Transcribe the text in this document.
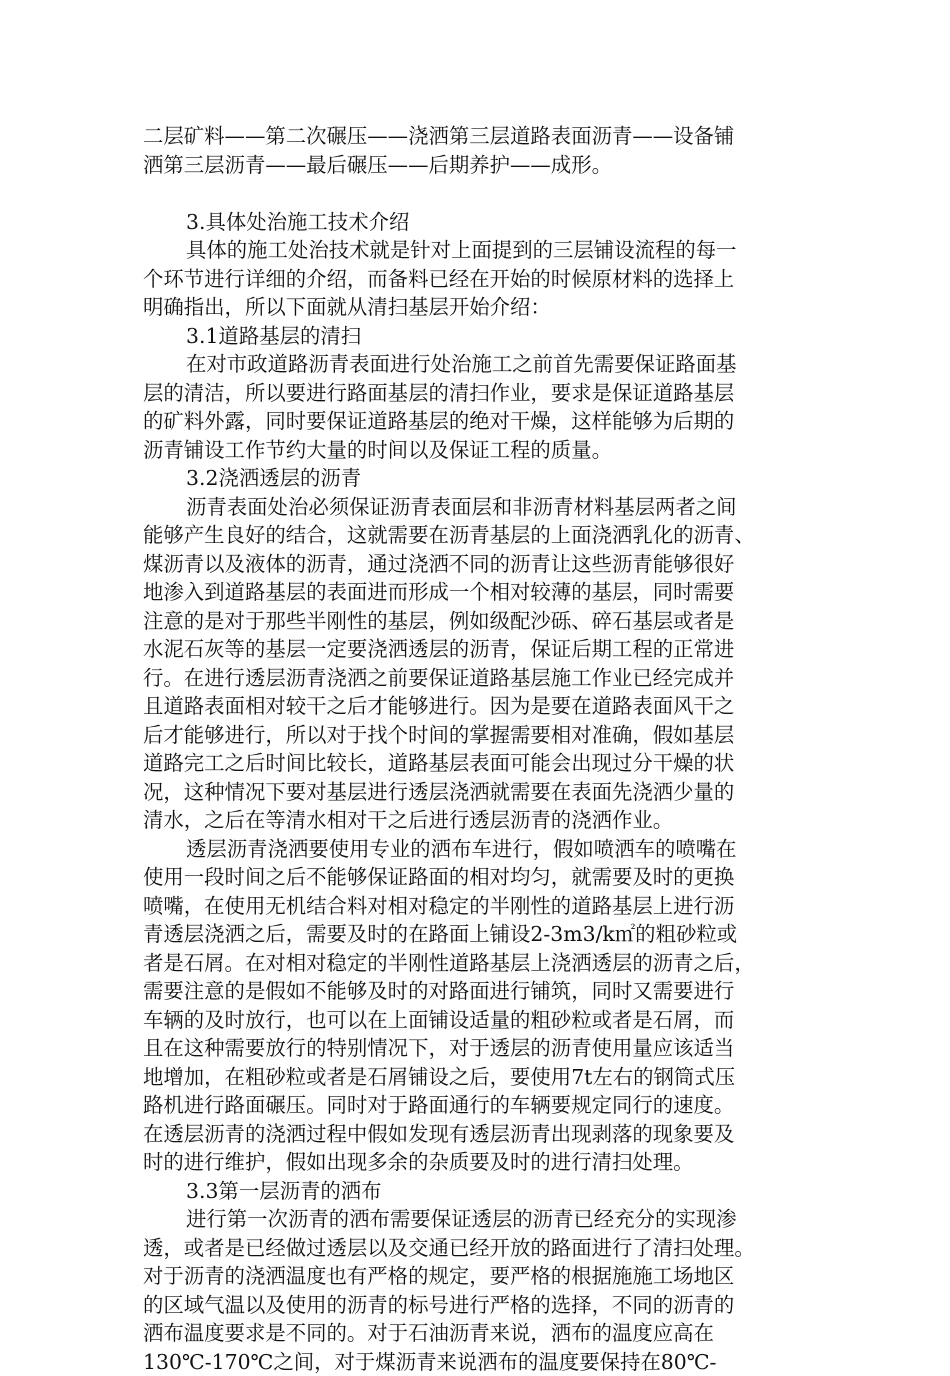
二层矿料——第二次碾压——浇洒第三层道路表面沥青——设备铺
洒第三层沥青——最后碾压——后期养护——成形。
3.具体处治施工技术介绍
具体的施工处治技术就是针对上面提到的三层铺设流程的每一
个环节进行详细的介绍，而备料已经在开始的时候原材料的选择上
明确指出，所以下面就从清扫基层开始介绍：
3.1道路基层的清扫
在对市政道路沥青表面进行处治施工之前首先需要保证路面基
层的清洁，所以要进行路面基层的清扫作业，要求是保证道路基层
的矿料外露，同时要保证道路基层的绝对干燥，这样能够为后期的
沥青铺设工作节约大量的时间以及保证工程的质量。
3.2浇洒透层的沥青
沥青表面处治必须保证沥青表面层和非沥青材料基层两者之间
能够产生良好的结合，这就需要在沥青基层的上面浇洒乳化的沥青、
煤沥青以及液体的沥青，通过浇洒不同的沥青让这些沥青能够很好
地渗入到道路基层的表面进而形成一个相对较薄的基层，同时需要
注意的是对于那些半刚性的基层，例如级配沙砾、碎石基层或者是
水泥石灰等的基层一定要浇洒透层的沥青，保证后期工程的正常进
行。在进行透层沥青浇洒之前要保证道路基层施工作业已经完成并
且道路表面相对较干之后才能够进行。因为是要在道路表面风干之
后才能够进行，所以对于找个时间的掌握需要相对准确，假如基层
道路完工之后时间比较长，道路基层表面可能会出现过分干燥的状
况，这种情况下要对基层进行透层浇洒就需要在表面先浇洒少量的
清水，之后在等清水相对干之后进行透层沥青的浇洒作业。
透层沥青浇洒要使用专业的洒布车进行，假如喷洒车的喷嘴在
使用一段时间之后不能够保证路面的相对均匀，就需要及时的更换
喷嘴，在使用无机结合料对相对稳定的半刚性的道路基层上进行沥
青透层浇洒之后，需要及时的在路面上铺设2-3m3/k㎡的粗砂粒或
者是石屑。在对相对稳定的半刚性道路基层上浇洒透层的沥青之后，
需要注意的是假如不能够及时的对路面进行铺筑，同时又需要进行
车辆的及时放行，也可以在上面铺设适量的粗砂粒或者是石屑，而
且在这种需要放行的特别情况下，对于透层的沥青使用量应该适当
地增加，在粗砂粒或者是石屑铺设之后，要使用7t左右的钢筒式压
路机进行路面碾压。同时对于路面通行的车辆要规定同行的速度。
在透层沥青的浇洒过程中假如发现有透层沥青出现剥落的现象要及
时的进行维护，假如出现多余的杂质要及时的进行清扫处理。
3.3第一层沥青的洒布
进行第一次沥青的洒布需要保证透层的沥青已经充分的实现渗
透，或者是已经做过透层以及交通已经开放的路面进行了清扫处理。
对于沥青的浇洒温度也有严格的规定，要严格的根据施施工场地区
的区域气温以及使用的沥青的标号进行严格的选择，不同的沥青的
洒布温度要求是不同的。对于石油沥青来说，洒布的温度应高在
130℃-170℃之间，对于煤沥青来说洒布的温度要保持在80℃-
